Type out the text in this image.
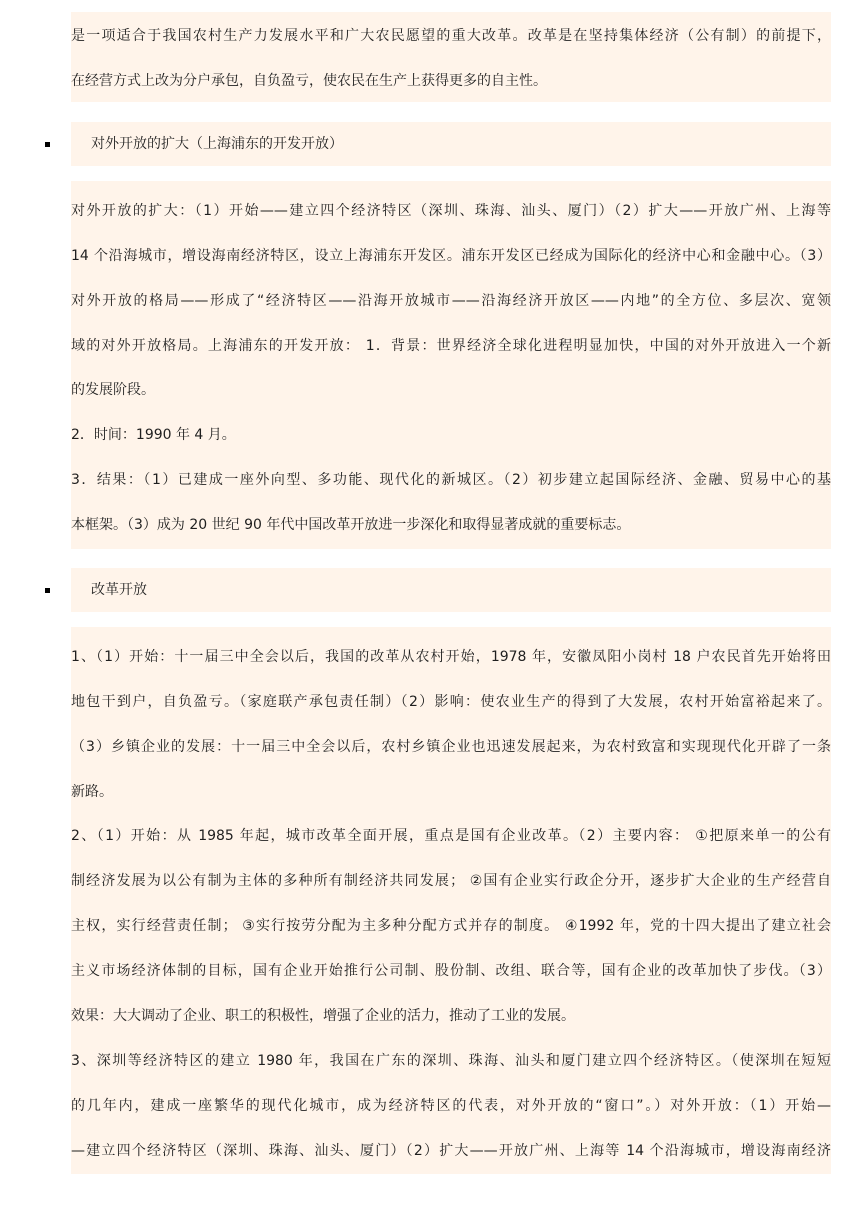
是一项适合于我国农村生产力发展水平和广大农民愿望的重大改革。改革是在坚持集体经济（公有制）的前提下，
在经营方式上改为分户承包，自负盈亏，使农民在生产上获得更多的自主性。
对外开放的扩大（上海浦东的开发开放）
对外开放的扩大：（1）开始——建立四个经济特区（深圳、珠海、汕头、厦门）（2）扩大——开放广州、上海等
14 个沿海城市，增设海南经济特区，设立上海浦东开发区。浦东开发区已经成为国际化的经济中心和金融中心。（3）
对外开放的格局——形成了“经济特区——沿海开放城市——沿海经济开放区——内地”的全方位、多层次、宽领
域的对外开放格局。上海浦东的开发开放： 1．背景：世界经济全球化进程明显加快，中国的对外开放进入一个新
的发展阶段。
2．时间：1990 年 4 月。
3．结果：（1）已建成一座外向型、多功能、现代化的新城区。（2）初步建立起国际经济、金融、贸易中心的基
本框架。（3）成为 20 世纪 90 年代中国改革开放进一步深化和取得显著成就的重要标志。
改革开放
1、（1）开始：十一届三中全会以后，我国的改革从农村开始，1978 年，安徽凤阳小岗村 18 户农民首先开始将田
地包干到户，自负盈亏。（家庭联产承包责任制）（2）影响：使农业生产的得到了大发展，农村开始富裕起来了。
（3）乡镇企业的发展：十一届三中全会以后，农村乡镇企业也迅速发展起来，为农村致富和实现现代化开辟了一条
新路。
2、（1）开始：从 1985 年起，城市改革全面开展，重点是国有企业改革。（2）主要内容： ①把原来单一的公有
制经济发展为以公有制为主体的多种所有制经济共同发展； ②国有企业实行政企分开，逐步扩大企业的生产经营自
主权，实行经营责任制； ③实行按劳分配为主多种分配方式并存的制度。 ④1992 年，党的十四大提出了建立社会
主义市场经济体制的目标，国有企业开始推行公司制、股份制、改组、联合等，国有企业的改革加快了步伐。（3）
效果：大大调动了企业、职工的积极性，增强了企业的活力，推动了工业的发展。
3、深圳等经济特区的建立 1980 年，我国在广东的深圳、珠海、汕头和厦门建立四个经济特区。（使深圳在短短
的几年内，建成一座繁华的现代化城市，成为经济特区的代表，对外开放的“窗口”。）对外开放：（1）开始—
—建立四个经济特区（深圳、珠海、汕头、厦门）（2）扩大——开放广州、上海等 14 个沿海城市，增设海南经济
